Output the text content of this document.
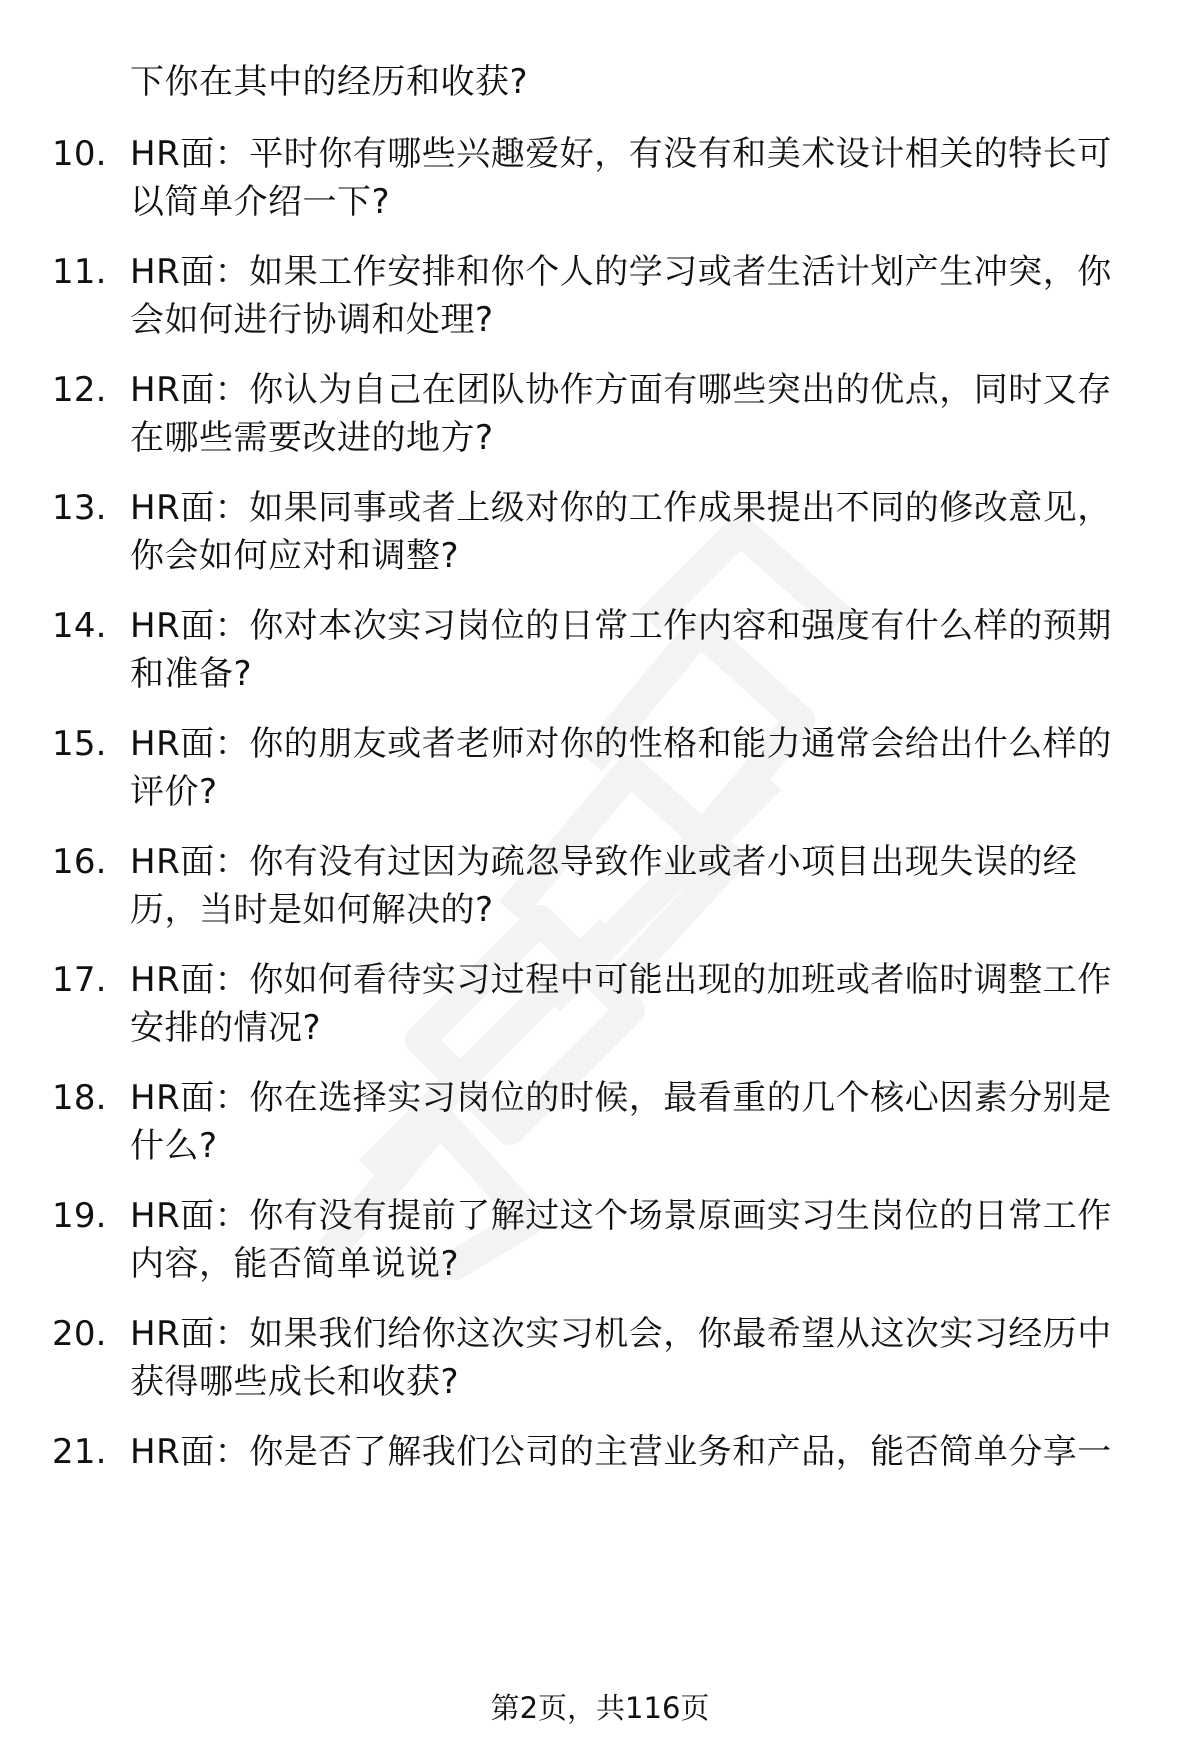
下你在其中的经历和收获?
10. HR面：平时你有哪些兴趣爱好，有没有和美术设计相关的特长可
以简单介绍一下?
11. HR面：如果工作安排和你个人的学习或者生活计划产生冲突，你
会如何进行协调和处理?
12. HR面：你认为自己在团队协作方面有哪些突出的优点，同时又存
在哪些需要改进的地方?
13. HR面：如果同事或者上级对你的工作成果提出不同的修改意见，
你会如何应对和调整?
14. HR面：你对本次实习岗位的日常工作内容和强度有什么样的预期
和准备?
15. HR面：你的朋友或者老师对你的性格和能力通常会给出什么样的
评价?
16. HR面：你有没有过因为疏忽导致作业或者小项目出现失误的经
历，当时是如何解决的?
17. HR面：你如何看待实习过程中可能出现的加班或者临时调整工作
安排的情况?
18. HR面：你在选择实习岗位的时候，最看重的几个核心因素分别是
什么?
19. HR面：你有没有提前了解过这个场景原画实习生岗位的日常工作
内容，能否简单说说?
20. HR面：如果我们给你这次实习机会，你最希望从这次实习经历中
获得哪些成长和收获?
21. HR面：你是否了解我们公司的主营业务和产品，能否简单分享一
第2页，共116页
